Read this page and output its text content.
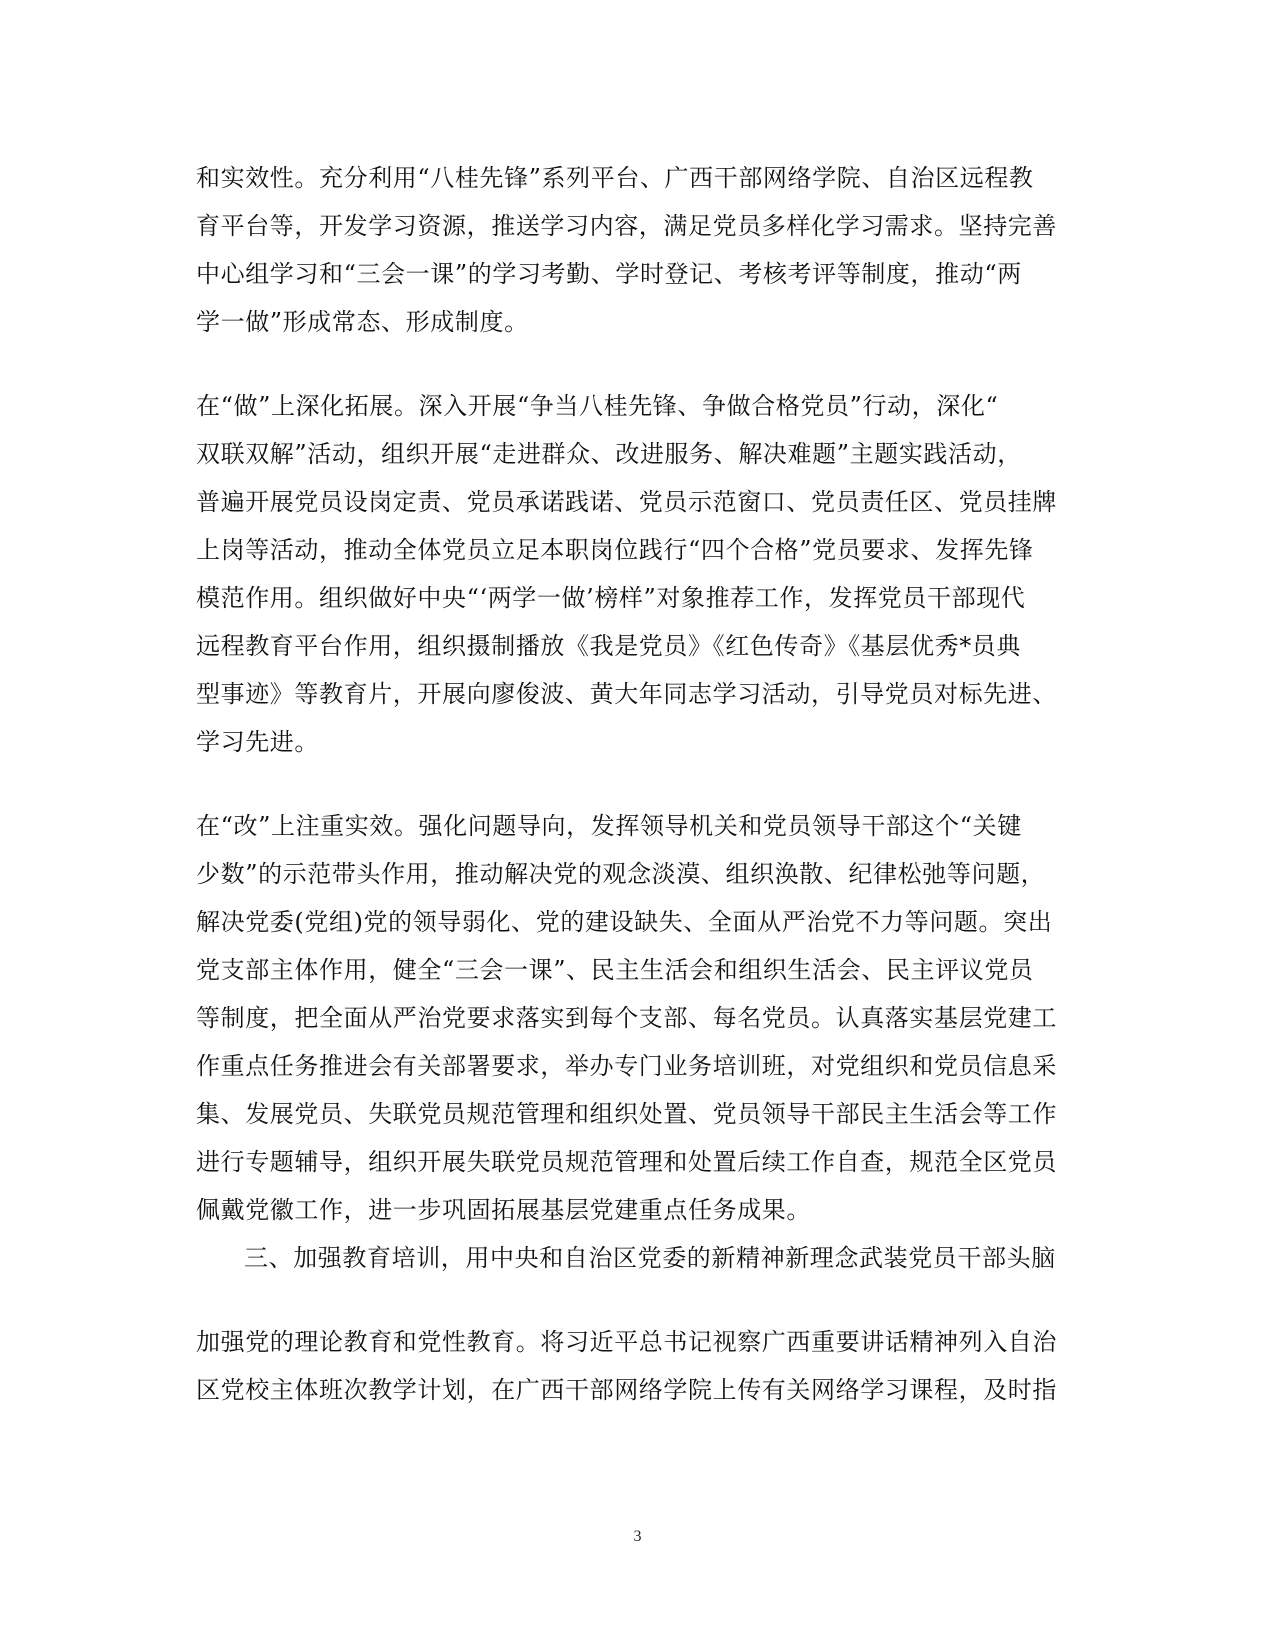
和实效性。充分利用“八桂先锋”系列平台、广西干部网络学院、自治区远程教
育平台等，开发学习资源，推送学习内容，满足党员多样化学习需求。坚持完善
中心组学习和“三会一课”的学习考勤、学时登记、考核考评等制度，推动“两
学一做”形成常态、形成制度。
在“做”上深化拓展。深入开展“争当八桂先锋、争做合格党员”行动，深化“
双联双解”活动，组织开展“走进群众、改进服务、解决难题”主题实践活动，
普遍开展党员设岗定责、党员承诺践诺、党员示范窗口、党员责任区、党员挂牌
上岗等活动，推动全体党员立足本职岗位践行“四个合格”党员要求、发挥先锋
模范作用。组织做好中央“‘两学一做’榜样”对象推荐工作，发挥党员干部现代
远程教育平台作用，组织摄制播放《我是党员》《红色传奇》《基层优秀*员典
型事迹》等教育片，开展向廖俊波、黄大年同志学习活动，引导党员对标先进、
学习先进。
在“改”上注重实效。强化问题导向，发挥领导机关和党员领导干部这个“关键
少数”的示范带头作用，推动解决党的观念淡漠、组织涣散、纪律松弛等问题，
解决党委(党组)党的领导弱化、党的建设缺失、全面从严治党不力等问题。突出
党支部主体作用，健全“三会一课”、民主生活会和组织生活会、民主评议党员
等制度，把全面从严治党要求落实到每个支部、每名党员。认真落实基层党建工
作重点任务推进会有关部署要求，举办专门业务培训班，对党组织和党员信息采
集、发展党员、失联党员规范管理和组织处置、党员领导干部民主生活会等工作
进行专题辅导，组织开展失联党员规范管理和处置后续工作自查，规范全区党员
佩戴党徽工作，进一步巩固拓展基层党建重点任务成果。
三、加强教育培训，用中央和自治区党委的新精神新理念武装党员干部头脑
加强党的理论教育和党性教育。将习近平总书记视察广西重要讲话精神列入自治
区党校主体班次教学计划，在广西干部网络学院上传有关网络学习课程，及时指
3
